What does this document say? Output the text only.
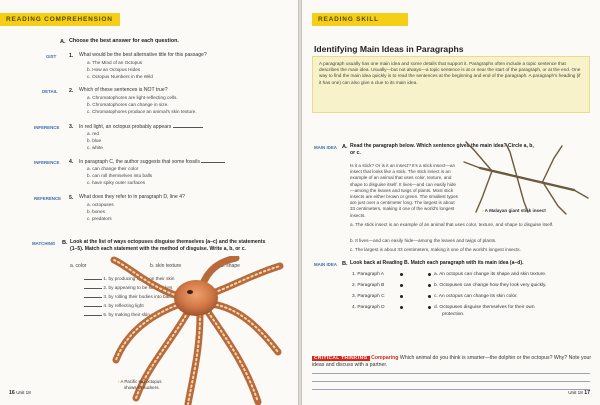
READING COMPREHENSION
A. Choose the best answer for each question.
GIST 1. What would be the best alternative title for this passage?
a. The Mind of an Octopus
b. How an Octopus Hides
c. Octopus Numbers in the Wild
DETAIL 2. Which of these sentences is NOT true?
a. Chromatophores are light-reflecting cells.
b. Chromatophores can change in size.
c. Chromatophores produce an animal's skin texture.
INFERENCE 3. In red light, an octopus probably appears
a. red
b. blue
c. white
INFERENCE 4. In paragraph C, the author suggests that some fossils
a. can change their color
b. can roll themselves into balls
c. have spiky outer surfaces
REFERENCE 5. What does they refer to in paragraph D, line 4?
a. octopuses
b. bones
c. predators
MATCHING B. Look at the list of ways octopuses disguise themselves (a–c) and the statements
(1–5). Match each statement with the method of disguise. Write a, b, or c.
a. color	b. skin texture	c. shape
1. by producing spots on their skin
2. by appearing to be sea snakes
3. by rolling their bodies into balls
4. by reflecting light
5. by making their skin spiky
› A Pacific red octopus
shows its suckers.
16 Unit 18
READING SKILL
Identifying Main Ideas in Paragraphs
A paragraph usually has one main idea and some details that support it. Paragraphs often include a topic sentence that describes the main idea. Usually—but not always—a topic sentence is at or near the start of the paragraph, or at the end. One way to find the main idea quickly is to read the sentences at the beginning and end of the paragraph. A paragraph's heading (if it has one) can also give a clue to its main idea.
MAIN IDEA A. Read the paragraph below. Which sentence gives the main idea? Circle a, b,
or c.
Is it a stick? Or is it an insect? It's a stick insect—an insect that looks like a stick. The stick insect is an example of an animal that uses color, texture, and shape to disguise itself. It lives—and can easily hide—among the leaves and twigs of plants. Most stick insects are either brown or green. The smallest types are just over a centimeter long. The largest is about 33 centimeters, making it one of the world's longest insects.
› A Malayan giant stick insect
a. The stick insect is an example of an animal that uses color, texture, and shape to disguise itself.
b. It lives—and can easily hide—among the leaves and twigs of plants.
c. The largest is about 33 centimeters, making it one of the world's longest insects.
MAIN IDEA B. Look back at Reading B. Match each paragraph with its main idea (a–d).
1. Paragraph A
2. Paragraph B
3. Paragraph C
4. Paragraph D
a. An octopus can change its shape and skin texture.
b. Octopuses can change how they look very quickly.
c. An octopus can change its skin color.
d. Octopuses disguise themselves for their own
protection.
CRITICAL THINKING Comparing Which animal do you think is smarter—the dolphin or the octopus? Why? Note your ideas and discuss with a partner.
Unit 18 17
